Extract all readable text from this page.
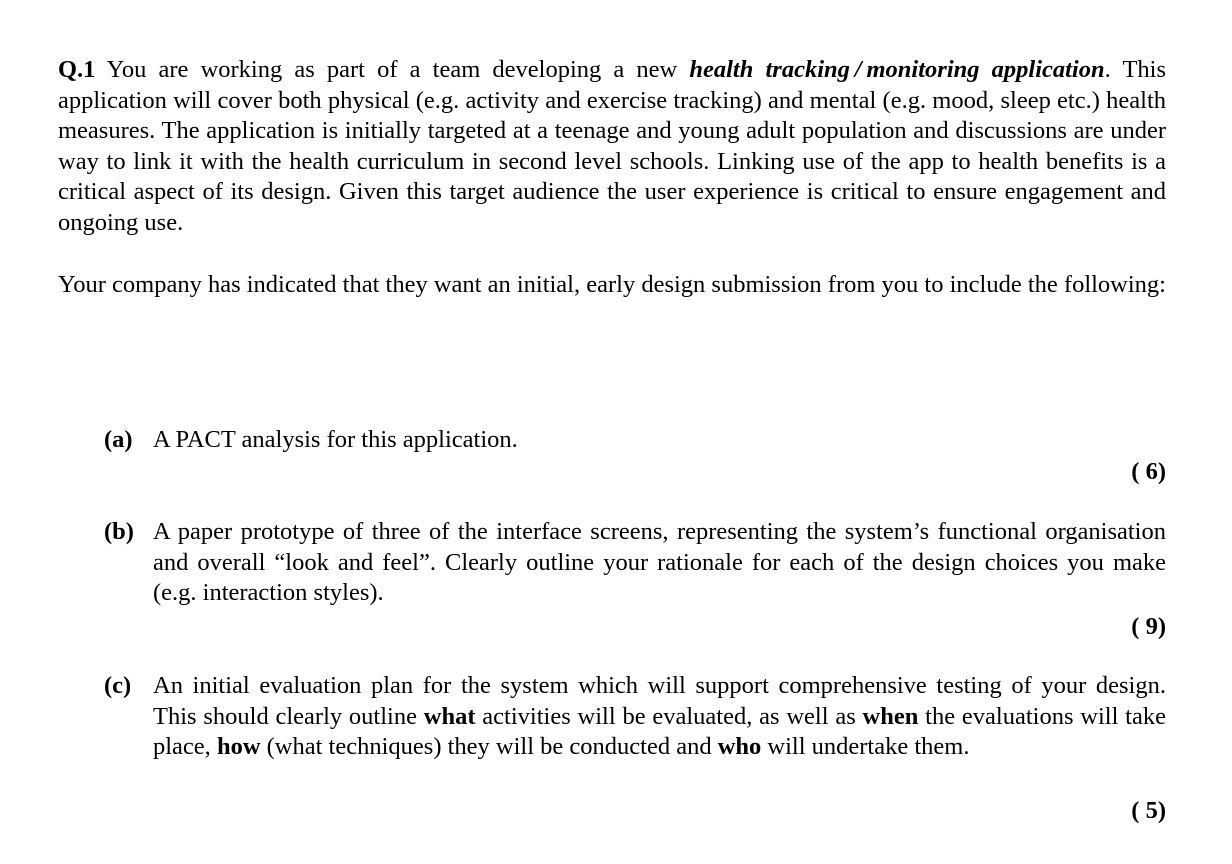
Q.1 You are working as part of a team developing a new health tracking / monitoring application. This application will cover both physical (e.g. activity and exercise tracking) and mental (e.g. mood, sleep etc.) health measures. The application is initially targeted at a teenage and young adult population and discussions are under way to link it with the health curriculum in second level schools. Linking use of the app to health benefits is a critical aspect of its design. Given this target audience the user experience is critical to ensure engagement and ongoing use.

Your company has indicated that they want an initial, early design submission from you to include the following:
(a) A PACT analysis for this application.
( 6)
(b) A paper prototype of three of the interface screens, representing the system’s functional organisation and overall “look and feel”. Clearly outline your rationale for each of the design choices you make (e.g. interaction styles).
( 9)
(c) An initial evaluation plan for the system which will support comprehensive testing of your design. This should clearly outline what activities will be evaluated, as well as when the evaluations will take place, how (what techniques) they will be conducted and who will undertake them.
( 5)
